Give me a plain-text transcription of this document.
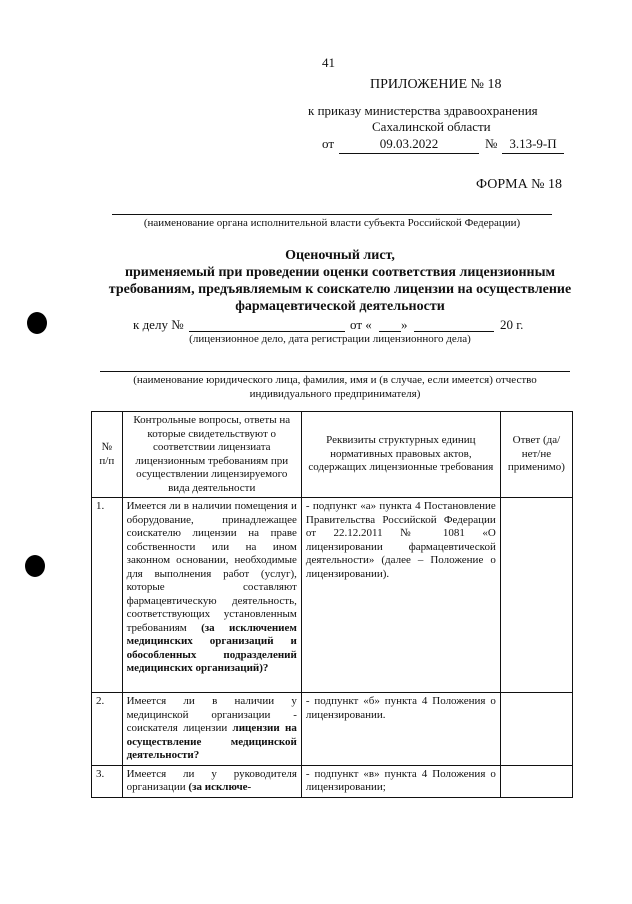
41
ПРИЛОЖЕНИЕ № 18
к приказу министерства здравоохранения
Сахалинской области
от	09.03.2022	№ 3.13-9-П
ФОРМА № 18
(наименование органа исполнительной власти субъекта Российской Федерации)
Оценочный лист,
применяемый при проведении оценки соответствия лицензионным
требованиям, предъявляемым к соискателю лицензии на осуществление
фармацевтической деятельности
к делу №	от « »	20 г.
(лицензионное дело, дата регистрации лицензионного дела)
(наименование юридического лица, фамилия, имя и (в случае, если имеется) отчество индивидуального предпринимателя)
№ п/п	Контрольные вопросы, ответы на которые свидетельствуют о соответствии лицензиата лицензионным требованиям при осуществлении лицензируемого вида деятельности	Реквизиты структурных единиц нормативных правовых актов, содержащих лицензионные требования	Ответ (да/нет/не применимо)
1.	Имеется ли в наличии помещения и оборудование, принадлежащее соискателю лицензии на праве собственности или на ином законном основании, необходимые для выполнения работ (услуг), которые составляют фармацевтическую деятельность, соответствующих установленным требованиям (за исключением медицинских организаций и обособленных подразделений медицинских организаций)?	- подпункт «а» пункта 4 Постановление Правительства Российской Федерации от 22.12.2011 № 1081 «О лицензировании фармацевтической деятельности» (далее – Положение о лицензировании).	
2.	Имеется ли в наличии у медицинской организации - соискателя лицензии лицензии на осуществление медицинской деятельности?	- подпункт «б» пункта 4 Положения о лицензировании.	
3.	Имеется ли у руководителя организации (за исключе-	- подпункт «в» пункта 4 Положения о лицензировании;	
